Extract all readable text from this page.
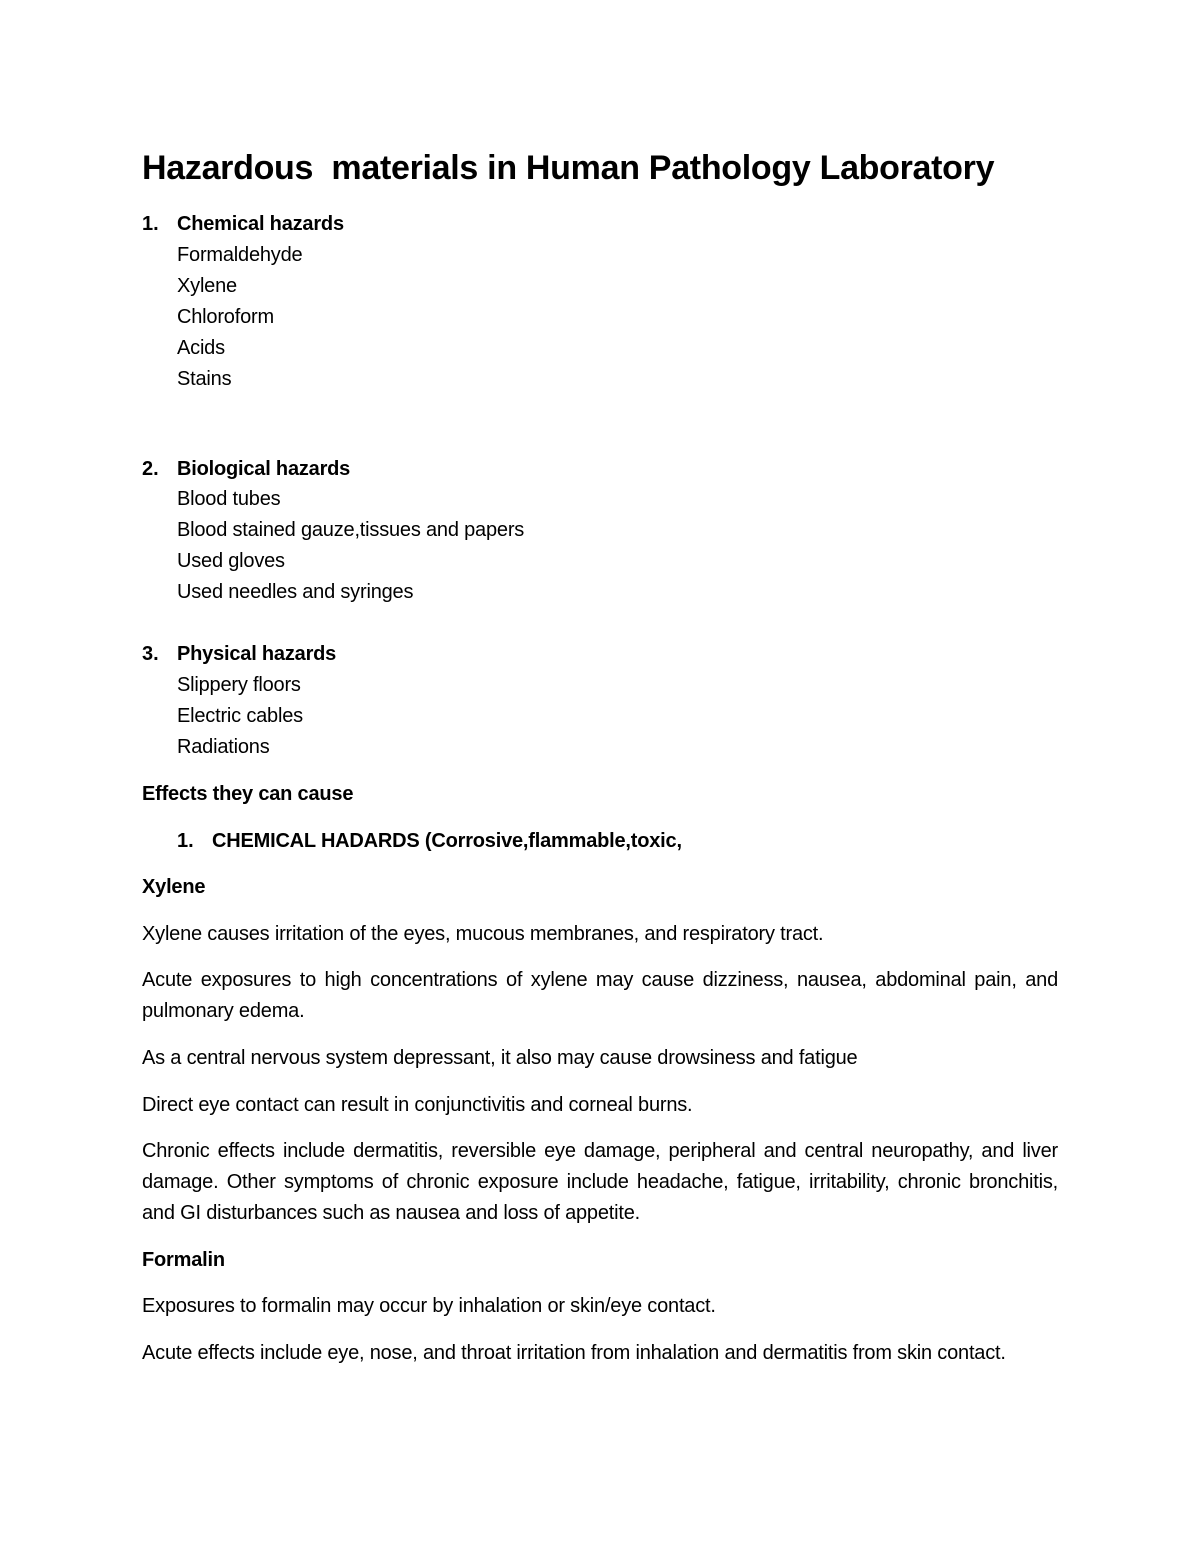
Hazardous  materials in Human Pathology Laboratory
1. Chemical hazards
Formaldehyde
Xylene
Chloroform
Acids
Stains
2. Biological hazards
Blood tubes
Blood stained gauze,tissues and papers
Used gloves
Used needles and syringes
3. Physical hazards
Slippery floors
Electric cables
Radiations
Effects they can cause
1. CHEMICAL HADARDS (Corrosive,flammable,toxic,
Xylene

Xylene causes irritation of the eyes, mucous membranes, and respiratory tract.

Acute exposures to high concentrations of xylene may cause dizziness, nausea, abdominal pain, and pulmonary edema.

As a central nervous system depressant, it also may cause drowsiness and fatigue

Direct eye contact can result in conjunctivitis and corneal burns.

Chronic effects include dermatitis, reversible eye damage, peripheral and central neuropathy, and liver damage. Other symptoms of chronic exposure include headache, fatigue, irritability, chronic bronchitis, and GI disturbances such as nausea and loss of appetite.

Formalin

Exposures to formalin may occur by inhalation or skin/eye contact.

Acute effects include eye, nose, and throat irritation from inhalation and dermatitis from skin contact.
